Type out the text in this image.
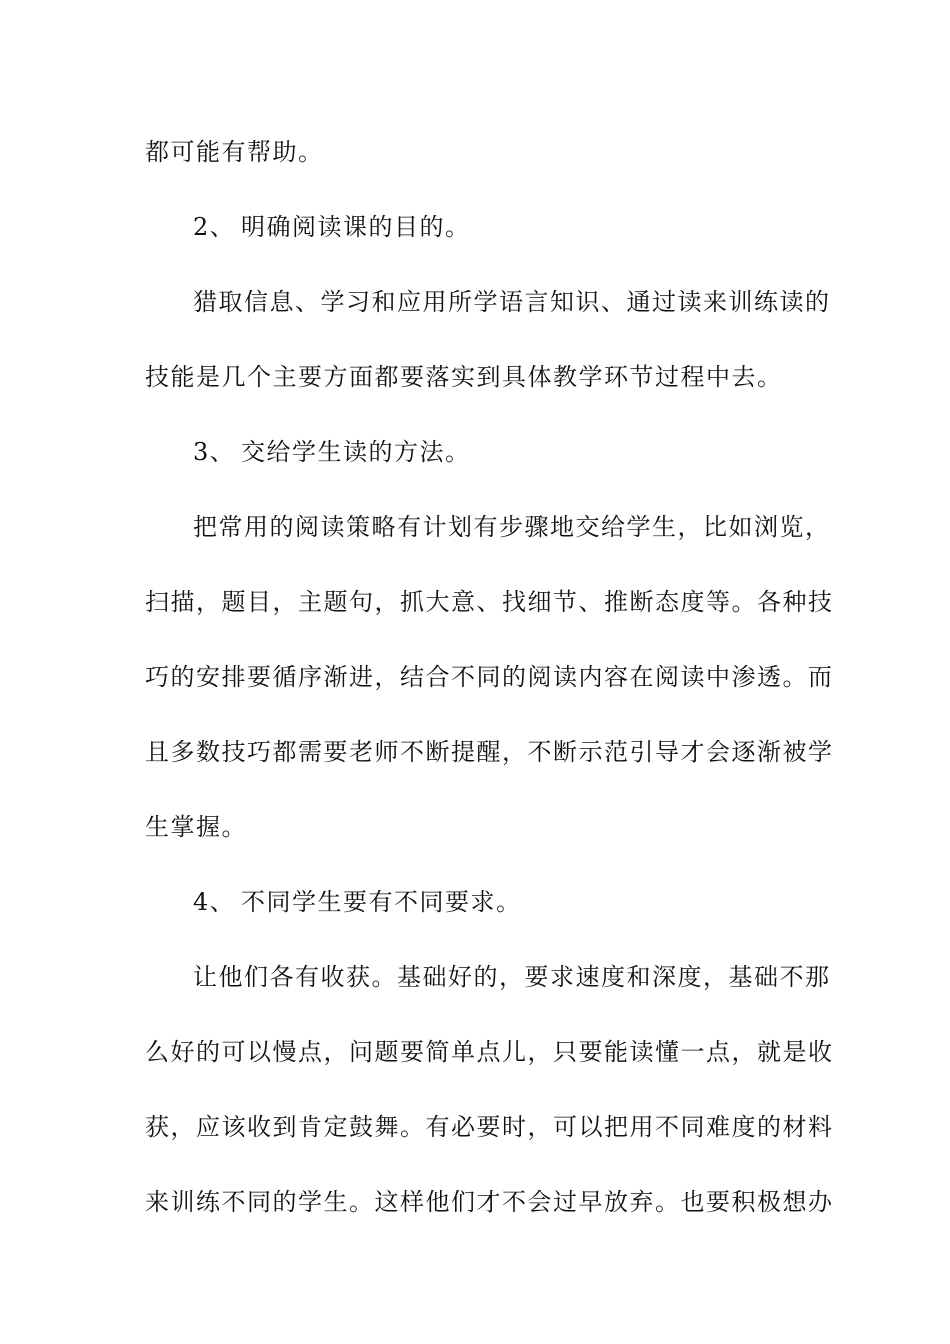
都可能有帮助。
2、 明确阅读课的目的。
猎取信息、学习和应用所学语言知识、通过读来训练读的
技能是几个主要方面都要落实到具体教学环节过程中去。
3、 交给学生读的方法。
把常用的阅读策略有计划有步骤地交给学生，比如浏览，
扫描，题目，主题句，抓大意、找细节、推断态度等。各种技
巧的安排要循序渐进，结合不同的阅读内容在阅读中渗透。而
且多数技巧都需要老师不断提醒，不断示范引导才会逐渐被学
生掌握。
4、 不同学生要有不同要求。
让他们各有收获。基础好的，要求速度和深度，基础不那
么好的可以慢点，问题要简单点儿，只要能读懂一点，就是收
获，应该收到肯定鼓舞。有必要时，可以把用不同难度的材料
来训练不同的学生。这样他们才不会过早放弃。也要积极想办
